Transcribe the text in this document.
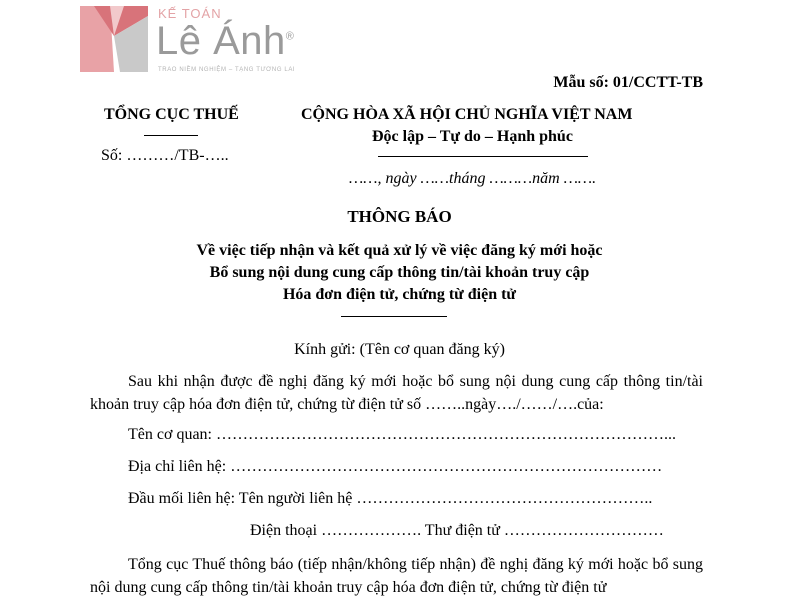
KẾ TOÁN
Lê Ánh®
TRAO NIỀM NGHIỆM – TẠNG TƯƠNG LAI
Mẫu số: 01/CCTT-TB
TỔNG CỤC THUẾ
Số: ………/TB-…..
CỘNG HÒA XÃ HỘI CHỦ NGHĨA VIỆT NAM
Độc lập – Tự do – Hạnh phúc
……, ngày ……tháng ………năm …….
THÔNG BÁO
Về việc tiếp nhận và kết quả xử lý về việc đăng ký mới hoặc
Bổ sung nội dung cung cấp thông tin/tài khoản truy cập
Hóa đơn điện tử, chứng từ điện tử
Kính gửi: (Tên cơ quan đăng ký)
Sau khi nhận được đề nghị đăng ký mới hoặc bổ sung nội dung cung cấp thông tin/tài khoản truy cập hóa đơn điện tử, chứng từ điện tử số ……..ngày…./……/….của:
Tên cơ quan: …………………………………………………………………………...
Địa chỉ liên hệ: ………………………………………………………………………
Đầu mối liên hệ: Tên người liên hệ ………………………………………………..
Điện thoại ………………. Thư điện tử …………………………
Tổng cục Thuế thông báo (tiếp nhận/không tiếp nhận) đề nghị đăng ký mới hoặc bổ sung nội dung cung cấp thông tin/tài khoản truy cập hóa đơn điện tử, chứng từ điện tử
